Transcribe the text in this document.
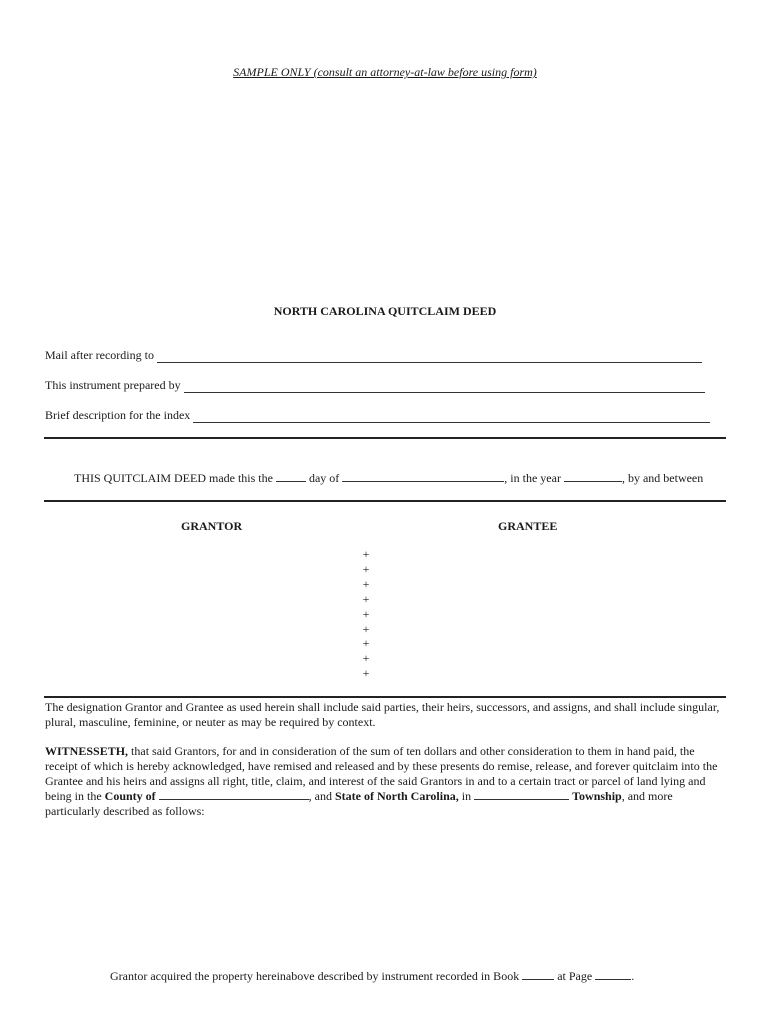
SAMPLE ONLY (consult an attorney-at-law before using form)
NORTH CAROLINA QUITCLAIM DEED
Mail after recording to
This instrument prepared by
Brief description for the index
THIS QUITCLAIM DEED made this the	day of	, in the year	, by and between
GRANTOR	GRANTEE
+
+
+
+
+
+
+
+
+

The designation Grantor and Grantee as used herein shall include said parties, their heirs, successors, and assigns, and shall include singular, plural, masculine, feminine, or neuter as may be required by context.

WITNESSETH, that said Grantors, for and in consideration of the sum of ten dollars and other consideration to them in hand paid, the receipt of which is hereby acknowledged, have remised and released and by these presents do remise, release, and forever quitclaim into the Grantee and his heirs and assigns all right, title, claim, and interest of the said Grantors in and to a certain tract or parcel of land lying and being in the County of	, and State of North Carolina, in	Township, and more particularly described as follows:

Grantor acquired the property hereinabove described by instrument recorded in Book	at Page	.
